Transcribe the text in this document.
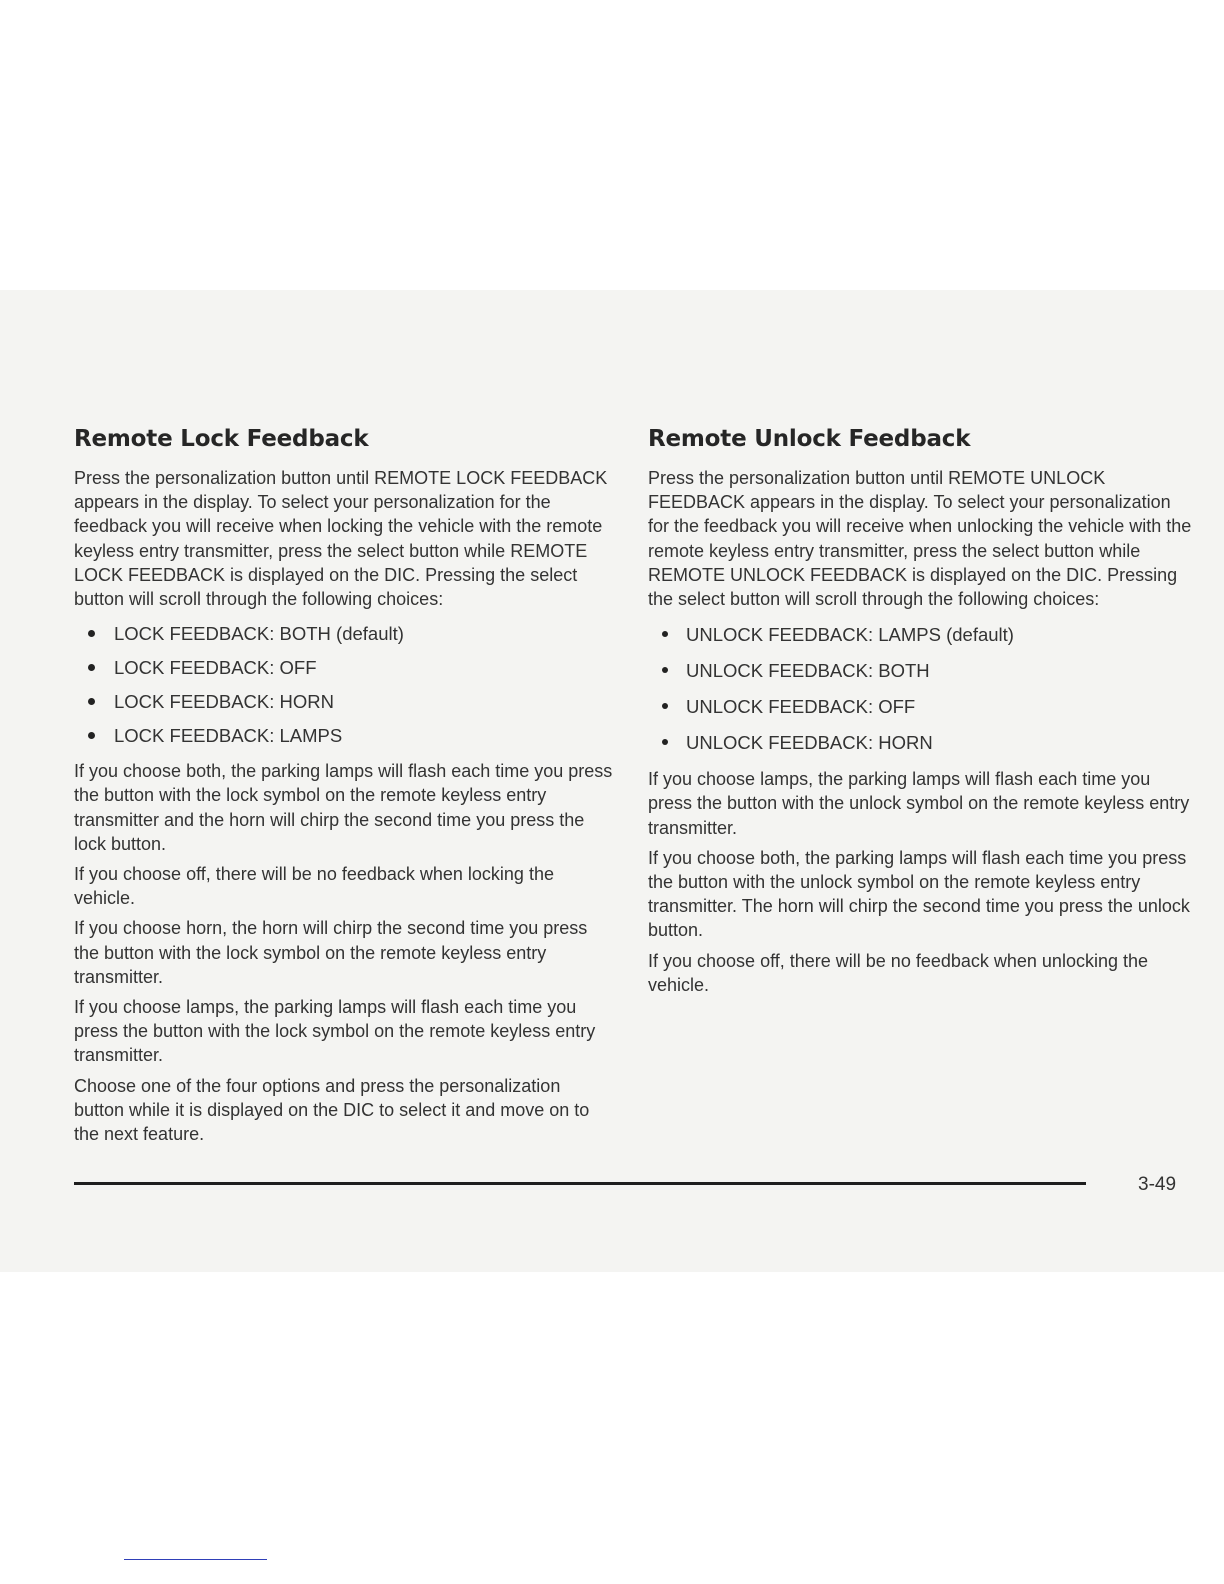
Remote Lock Feedback

Press the personalization button until REMOTE LOCK FEEDBACK appears in the display. To select your personalization for the feedback you will receive when locking the vehicle with the remote keyless entry transmitter, press the select button while REMOTE LOCK FEEDBACK is displayed on the DIC. Pressing the select button will scroll through the following choices:

LOCK FEEDBACK: BOTH (default)
LOCK FEEDBACK: OFF
LOCK FEEDBACK: HORN
LOCK FEEDBACK: LAMPS

If you choose both, the parking lamps will flash each time you press the button with the lock symbol on the remote keyless entry transmitter and the horn will chirp the second time you press the lock button.

If you choose off, there will be no feedback when locking the vehicle.

If you choose horn, the horn will chirp the second time you press the button with the lock symbol on the remote keyless entry transmitter.

If you choose lamps, the parking lamps will flash each time you press the button with the lock symbol on the remote keyless entry transmitter.

Choose one of the four options and press the personalization button while it is displayed on the DIC to select it and move on to the next feature.

Remote Unlock Feedback

Press the personalization button until REMOTE UNLOCK FEEDBACK appears in the display. To select your personalization for the feedback you will receive when unlocking the vehicle with the remote keyless entry transmitter, press the select button while REMOTE UNLOCK FEEDBACK is displayed on the DIC. Pressing the select button will scroll through the following choices:

UNLOCK FEEDBACK: LAMPS (default)
UNLOCK FEEDBACK: BOTH
UNLOCK FEEDBACK: OFF
UNLOCK FEEDBACK: HORN

If you choose lamps, the parking lamps will flash each time you press the button with the unlock symbol on the remote keyless entry transmitter.

If you choose both, the parking lamps will flash each time you press the button with the unlock symbol on the remote keyless entry transmitter. The horn will chirp the second time you press the unlock button.

If you choose off, there will be no feedback when unlocking the vehicle.

3-49
